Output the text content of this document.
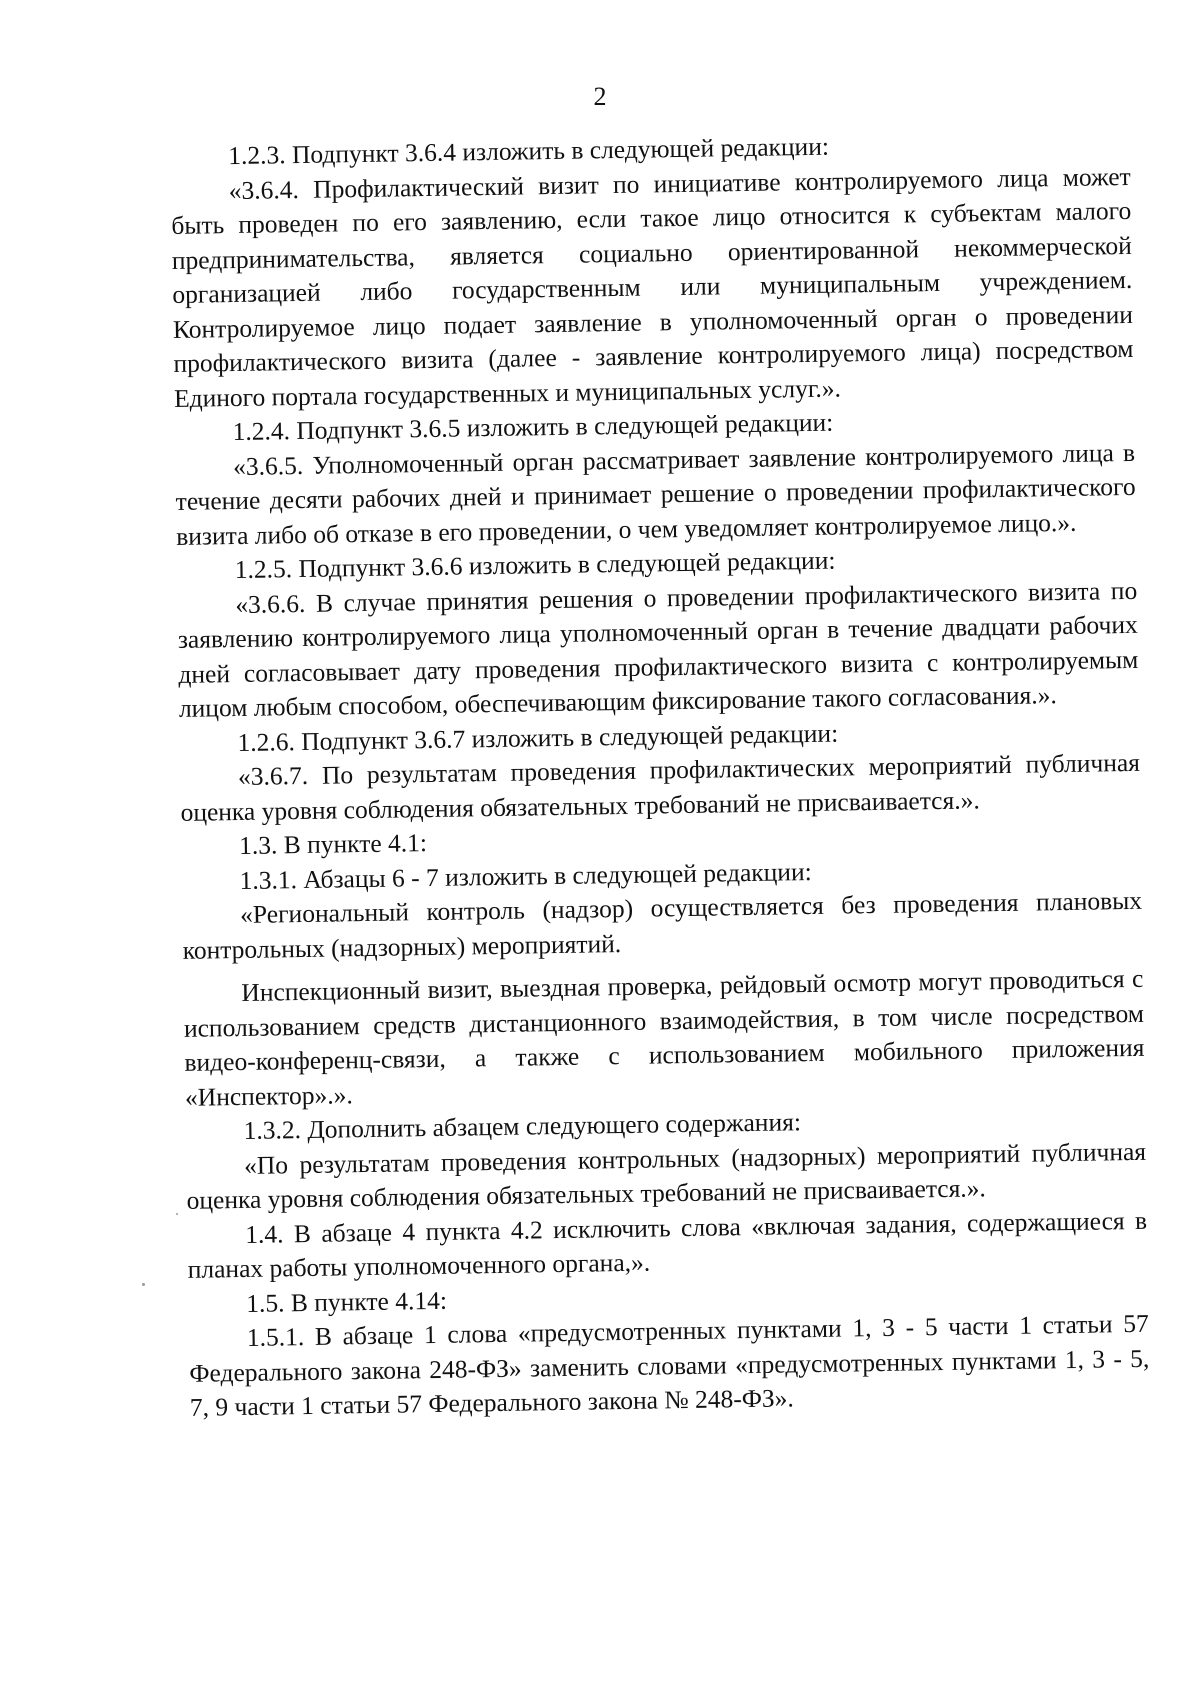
2

1.2.3. Подпункт 3.6.4 изложить в следующей редакции:

«3.6.4. Профилактический визит по инициативе контролируемого лица может быть проведен по его заявлению, если такое лицо относится к субъектам малого предпринимательства, является социально ориентированной некоммерческой организацией либо государственным или муниципальным учреждением. Контролируемое лицо подает заявление в уполномоченный орган о проведении профилактического визита (далее - заявление контролируемого лица) посредством Единого портала государственных и муниципальных услуг.».

1.2.4. Подпункт 3.6.5 изложить в следующей редакции:

«3.6.5. Уполномоченный орган рассматривает заявление контролируемого лица в течение десяти рабочих дней и принимает решение о проведении профилактического визита либо об отказе в его проведении, о чем уведомляет контролируемое лицо.».

1.2.5. Подпункт 3.6.6 изложить в следующей редакции:

«3.6.6. В случае принятия решения о проведении профилактического визита по заявлению контролируемого лица уполномоченный орган в течение двадцати рабочих дней согласовывает дату проведения профилактического визита с контролируемым лицом любым способом, обеспечивающим фиксирование такого согласования.».

1.2.6. Подпункт 3.6.7 изложить в следующей редакции:

«3.6.7. По результатам проведения профилактических мероприятий публичная оценка уровня соблюдения обязательных требований не присваивается.».

1.3. В пункте 4.1:

1.3.1. Абзацы 6 - 7 изложить в следующей редакции:

«Региональный контроль (надзор) осуществляется без проведения плановых контрольных (надзорных) мероприятий.

Инспекционный визит, выездная проверка, рейдовый осмотр могут проводиться с использованием средств дистанционного взаимодействия, в том числе посредством видео-конференц-связи, а также с использованием мобильного приложения «Инспектор».».

1.3.2. Дополнить абзацем следующего содержания:

«По результатам проведения контрольных (надзорных) мероприятий публичная оценка уровня соблюдения обязательных требований не присваивается.».

1.4. В абзаце 4 пункта 4.2 исключить слова «включая задания, содержащиеся в планах работы уполномоченного органа,».

1.5. В пункте 4.14:

1.5.1. В абзаце 1 слова «предусмотренных пунктами 1, 3 - 5 части 1 статьи 57 Федерального закона 248-ФЗ» заменить словами «предусмотренных пунктами 1, 3 - 5, 7, 9 части 1 статьи 57 Федерального закона № 248-ФЗ».
